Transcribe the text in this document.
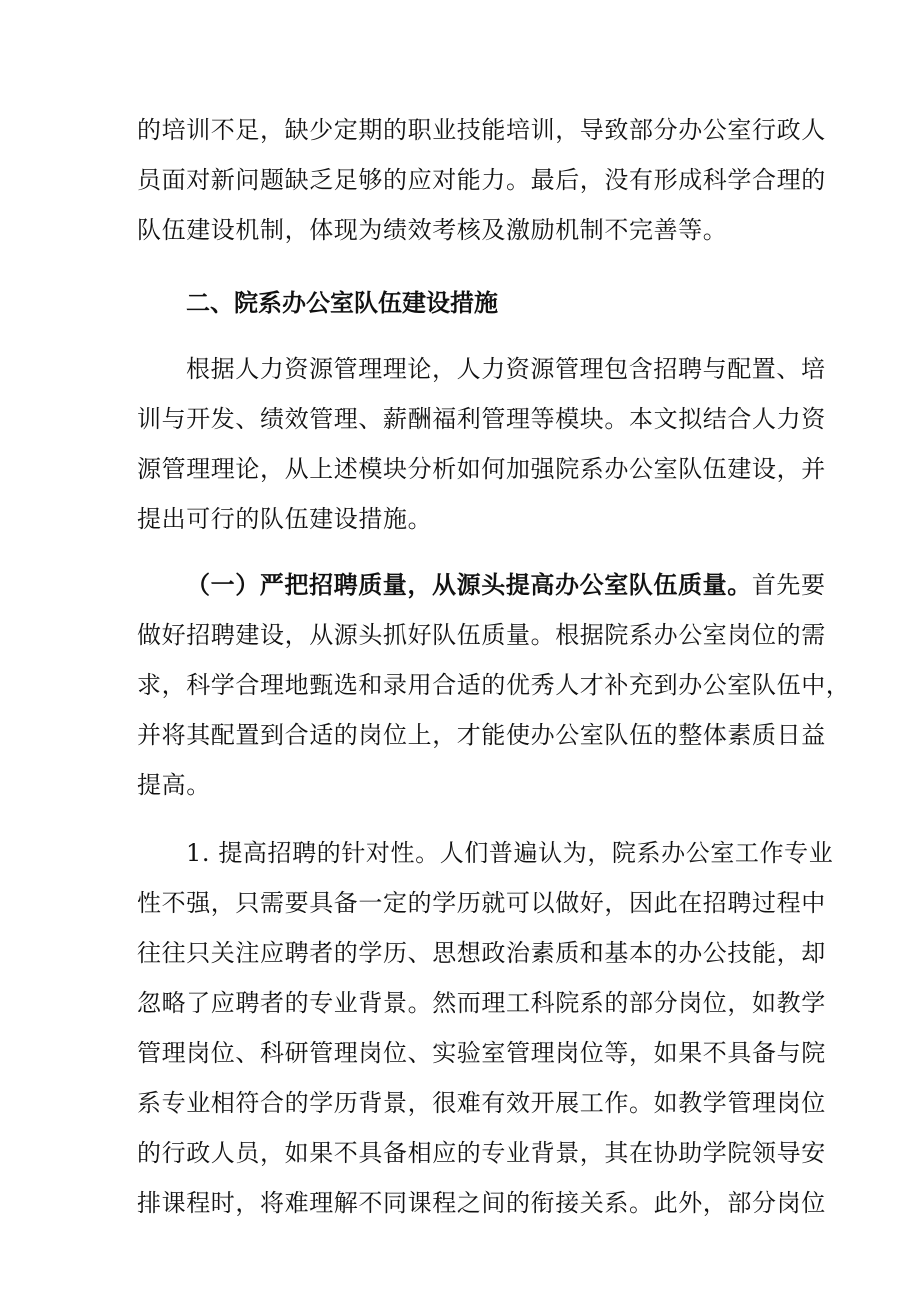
的培训不足，缺少定期的职业技能培训，导致部分办公室行政人
员面对新问题缺乏足够的应对能力。最后，没有形成科学合理的
队伍建设机制，体现为绩效考核及激励机制不完善等。
二、院系办公室队伍建设措施
根据人力资源管理理论，人力资源管理包含招聘与配置、培
训与开发、绩效管理、薪酬福利管理等模块。本文拟结合人力资
源管理理论，从上述模块分析如何加强院系办公室队伍建设，并
提出可行的队伍建设措施。
（一）严把招聘质量，从源头提高办公室队伍质量。首先要
做好招聘建设，从源头抓好队伍质量。根据院系办公室岗位的需
求，科学合理地甄选和录用合适的优秀人才补充到办公室队伍中，
并将其配置到合适的岗位上，才能使办公室队伍的整体素质日益
提高。
1. 提高招聘的针对性。人们普遍认为，院系办公室工作专业
性不强，只需要具备一定的学历就可以做好，因此在招聘过程中
往往只关注应聘者的学历、思想政治素质和基本的办公技能，却
忽略了应聘者的专业背景。然而理工科院系的部分岗位，如教学
管理岗位、科研管理岗位、实验室管理岗位等，如果不具备与院
系专业相符合的学历背景，很难有效开展工作。如教学管理岗位
的行政人员，如果不具备相应的专业背景，其在协助学院领导安
排课程时，将难理解不同课程之间的衔接关系。此外，部分岗位
